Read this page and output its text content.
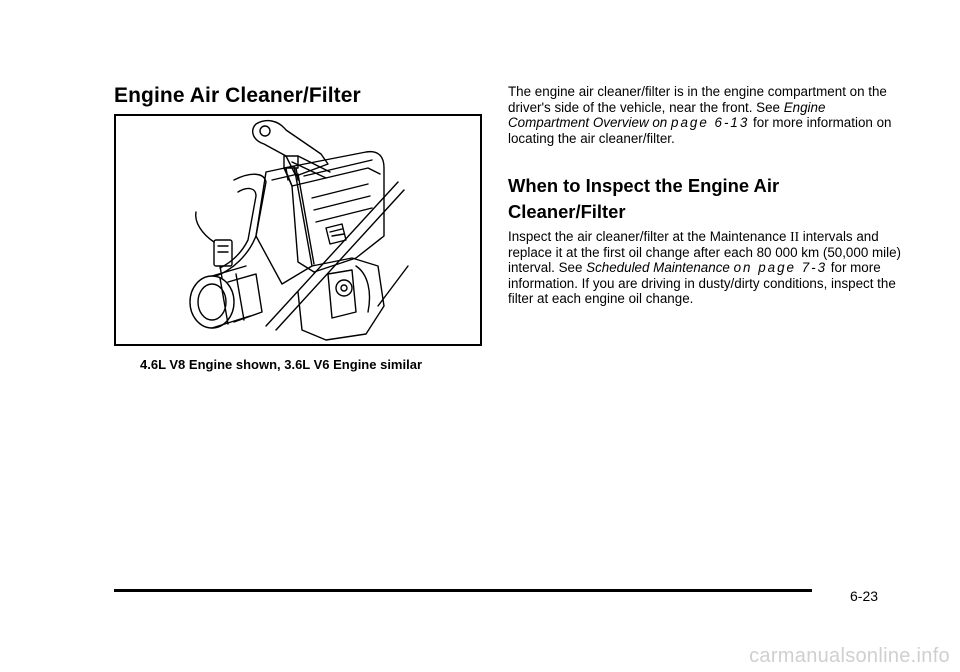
Engine Air Cleaner/Filter
4.6L V8 Engine shown, 3.6L V6 Engine similar

The engine air cleaner/filter is in the engine compartment on the driver's side of the vehicle, near the front. See Engine Compartment Overview on page 6-13 for more information on locating the air cleaner/filter.

When to Inspect the Engine Air Cleaner/Filter

Inspect the air cleaner/filter at the Maintenance II intervals and replace it at the first oil change after each 80 000 km (50,000 mile) interval. See Scheduled Maintenance on page 7-3 for more information. If you are driving in dusty/dirty conditions, inspect the filter at each engine oil change.

6-23
carmanualsonline.info
